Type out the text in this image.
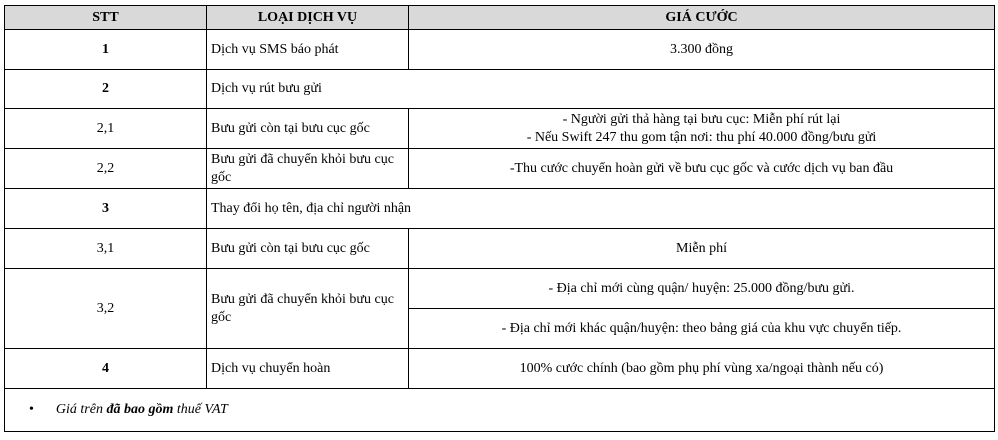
STT	LOẠI DỊCH VỤ	GIÁ CƯỚC
1	Dịch vụ SMS báo phát	3.300 đồng
2	Dịch vụ rút bưu gửi	
2,1	Bưu gửi còn tại bưu cục gốc	- Người gửi thả hàng tại bưu cục: Miễn phí rút lại
- Nếu Swift 247 thu gom tận nơi: thu phí 40.000 đồng/bưu gửi

2,2	Bưu gửi đã chuyển khỏi bưu cục gốc	-Thu cước chuyển hoàn gửi về bưu cục gốc và cước dịch vụ ban đầu
3	Thay đổi họ tên, địa chỉ người nhận	
3,1	Bưu gửi còn tại bưu cục gốc	Miễn phí
3,2	Bưu gửi đã chuyển khỏi bưu cục gốc	- Địa chỉ mới cùng quận/ huyện: 25.000 đồng/bưu gửi.
		- Địa chỉ mới khác quận/huyện: theo bảng giá của khu vực chuyển tiếp.
4	Dịch vụ chuyển hoàn	100% cước chính (bao gồm phụ phí vùng xa/ngoại thành nếu có)
• Giá trên đã bao gồm thuế VAT		
